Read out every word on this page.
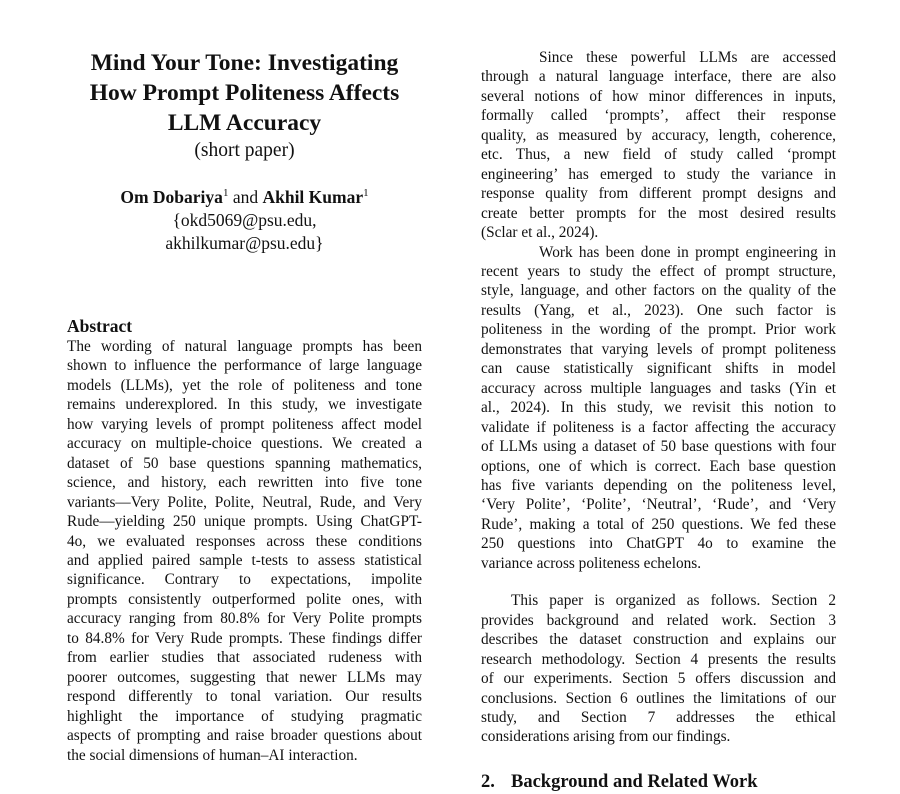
Mind Your Tone: Investigating
How Prompt Politeness Affects
LLM Accuracy
(short paper)
Om Dobariya$^1$ and Akhil Kumar$^1$
{okd5069@psu.edu,
akhilkumar@psu.edu}
Abstract

The wording of natural language prompts has been
shown to influence the performance of large language
models (LLMs), yet the role of politeness and tone
remains underexplored. In this study, we investigate
how varying levels of prompt politeness affect model
accuracy on multiple-choice questions. We created a
dataset of 50 base questions spanning mathematics,
science, and history, each rewritten into five tone
variants—Very Polite, Polite, Neutral, Rude, and Very
Rude—yielding 250 unique prompts. Using ChatGPT-
4o, we evaluated responses across these conditions
and applied paired sample t-tests to assess statistical
significance. Contrary to expectations, impolite
prompts consistently outperformed polite ones, with
accuracy ranging from 80.8% for Very Polite prompts
to 84.8% for Very Rude prompts. These findings differ
from earlier studies that associated rudeness with
poorer outcomes, suggesting that newer LLMs may
respond differently to tonal variation. Our results
highlight the importance of studying pragmatic
aspects of prompting and raise broader questions about
the social dimensions of human–AI interaction.

Since these powerful LLMs are accessed
through a natural language interface, there are also
several notions of how minor differences in inputs,
formally called ‘prompts’, affect their response
quality, as measured by accuracy, length, coherence,
etc. Thus, a new field of study called ‘prompt
engineering’ has emerged to study the variance in
response quality from different prompt designs and
create better prompts for the most desired results
(Sclar et al., 2024).

Work has been done in prompt engineering in
recent years to study the effect of prompt structure,
style, language, and other factors on the quality of the
results (Yang, et al., 2023). One such factor is
politeness in the wording of the prompt. Prior work
demonstrates that varying levels of prompt politeness
can cause statistically significant shifts in model
accuracy across multiple languages and tasks (Yin et
al., 2024). In this study, we revisit this notion to
validate if politeness is a factor affecting the accuracy
of LLMs using a dataset of 50 base questions with four
options, one of which is correct. Each base question
has five variants depending on the politeness level,
‘Very Polite’, ‘Polite’, ‘Neutral’, ‘Rude’, and ‘Very
Rude’, making a total of 250 questions. We fed these
250 questions into ChatGPT 4o to examine the
variance across politeness echelons.

This paper is organized as follows. Section 2
provides background and related work. Section 3
describes the dataset construction and explains our
research methodology. Section 4 presents the results
of our experiments. Section 5 offers discussion and
conclusions. Section 6 outlines the limitations of our
study, and Section 7 addresses the ethical
considerations arising from our findings.

2. Background and Related Work
